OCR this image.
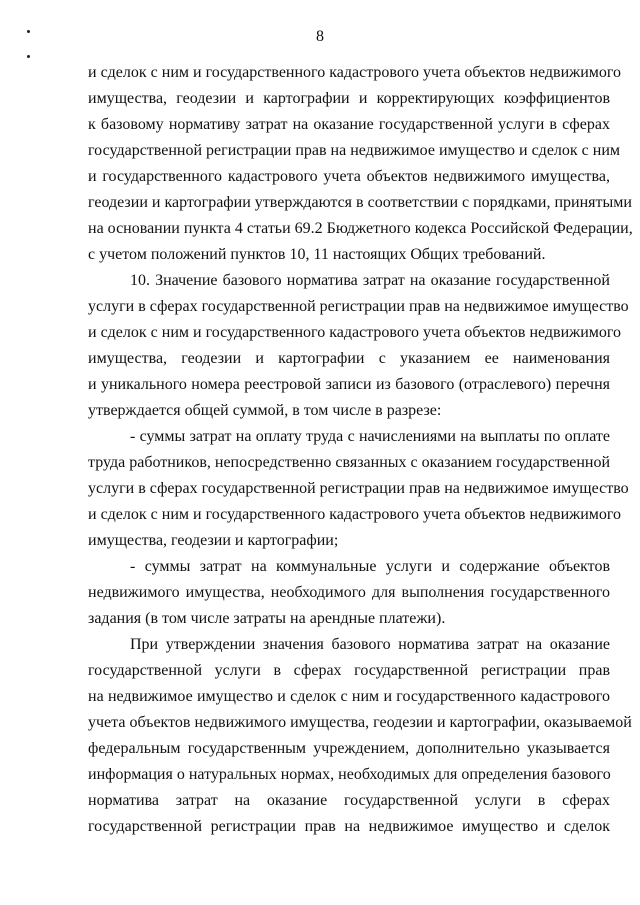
8
и сделок с ним и государственного кадастрового учета объектов недвижимого
имущества, геодезии и картографии и корректирующих коэффициентов
к базовому нормативу затрат на оказание государственной услуги в сферах
государственной регистрации прав на недвижимое имущество и сделок с ним
и государственного кадастрового учета объектов недвижимого имущества,
геодезии и картографии утверждаются в соответствии с порядками, принятыми
на основании пункта 4 статьи 69.2 Бюджетного кодекса Российской Федерации,
с учетом положений пунктов 10, 11 настоящих Общих требований.
10. Значение базового норматива затрат на оказание государственной
услуги в сферах государственной регистрации прав на недвижимое имущество
и сделок с ним и государственного кадастрового учета объектов недвижимого
имущества, геодезии и картографии с указанием ее наименования
и уникального номера реестровой записи из базового (отраслевого) перечня
утверждается общей суммой, в том числе в разрезе:
- суммы затрат на оплату труда с начислениями на выплаты по оплате
труда работников, непосредственно связанных с оказанием государственной
услуги в сферах государственной регистрации прав на недвижимое имущество
и сделок с ним и государственного кадастрового учета объектов недвижимого
имущества, геодезии и картографии;
- суммы затрат на коммунальные услуги и содержание объектов
недвижимого имущества, необходимого для выполнения государственного
задания (в том числе затраты на арендные платежи).
При утверждении значения базового норматива затрат на оказание
государственной услуги в сферах государственной регистрации прав
на недвижимое имущество и сделок с ним и государственного кадастрового
учета объектов недвижимого имущества, геодезии и картографии, оказываемой
федеральным государственным учреждением, дополнительно указывается
информация о натуральных нормах, необходимых для определения базового
норматива затрат на оказание государственной услуги в сферах
государственной регистрации прав на недвижимое имущество и сделок
